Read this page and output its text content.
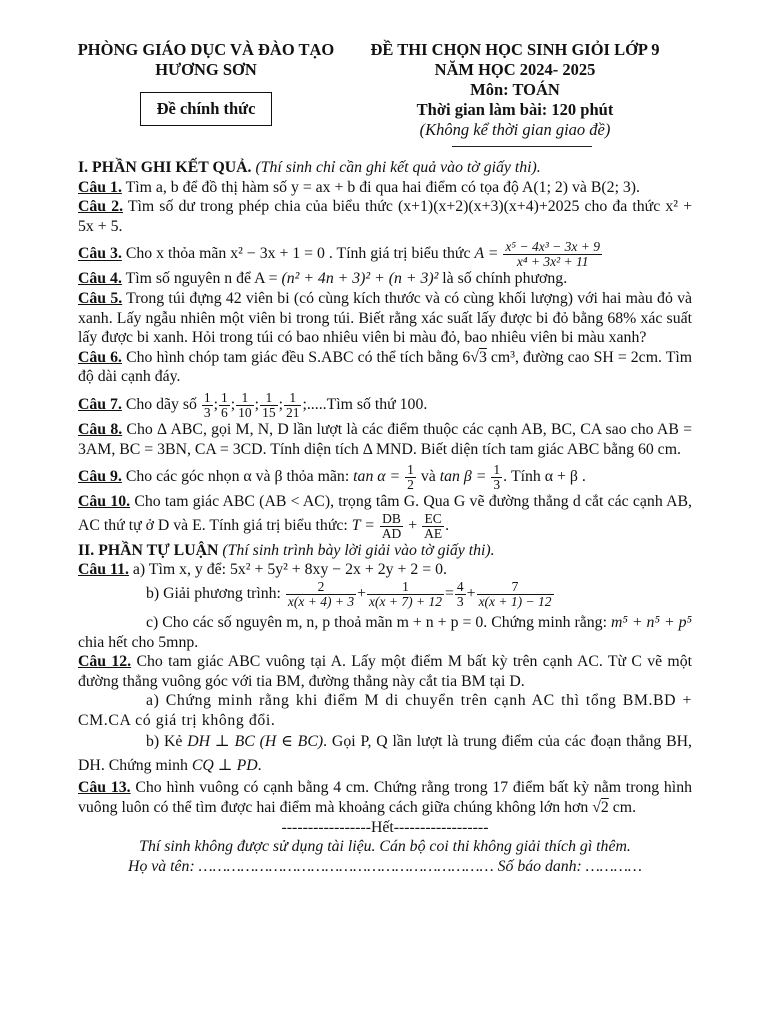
PHÒNG GIÁO DỤC VÀ ĐÀO TẠO
HƯƠNG SƠN
Đề chính thức
ĐỀ THI CHỌN HỌC SINH GIỎI LỚP 9
NĂM HỌC 2024- 2025
Môn: TOÁN
Thời gian làm bài: 120 phút
(Không kể thời gian giao đề)

I. PHẦN GHI KẾT QUẢ. (Thí sinh chỉ cần ghi kết quả vào tờ giấy thi).

Câu 1. Tìm a, b để đồ thị hàm số y = ax + b đi qua hai điểm có tọa độ A(1; 2) và B(2; 3).

Câu 2. Tìm số dư trong phép chia của biểu thức (x+1)(x+2)(x+3)(x+4)+2025 cho đa thức x² + 5x + 5.

Câu 3. Cho x thỏa mãn x² − 3x + 1 = 0 . Tính giá trị biểu thức $A = \frac{\text{x⁵ − 4x³ − 3x + 9}}{\text{x⁴ + 3x² + 11}}$

Câu 4. Tìm số nguyên n để A = (n² + 4n + 3)² + (n + 3)² là số chính phương.

Câu 5. Trong túi đựng 42 viên bi (có cùng kích thước và có cùng khối lượng) với hai màu đỏ và xanh. Lấy ngẫu nhiên một viên bi trong túi. Biết rằng xác suất lấy được bi đỏ bằng 68% xác suất lấy được bi xanh. Hỏi trong túi có bao nhiêu viên bi màu đỏ, bao nhiêu viên bi màu xanh?

Câu 6. Cho hình chóp tam giác đều S.ABC có thể tích bằng 6√3 cm³, đường cao SH = 2cm. Tìm độ dài cạnh đáy.

Câu 7. Cho dãy số $\frac{1}{3}$ ; $\frac{1}{6}$ ; $\frac{1}{10}$ ; $\frac{1}{15}$ ; $\frac{1}{21}$ ;.....Tìm số thứ 100.

Câu 8. Cho Δ ABC, gọi M, N, D lần lượt là các điểm thuộc các cạnh AB, BC, CA sao cho AB = 3AM, BC = 3BN, CA = 3CD. Tính diện tích Δ MND. Biết diện tích tam giác ABC bằng 60 cm.

Câu 9. Cho các góc nhọn α và β thỏa mãn: $\tan \alpha = \frac{1}{2}$ và $\tan \beta = \frac{1}{3}$ . Tính α + β .

Câu 10. Cho tam giác ABC (AB < AC), trọng tâm G. Qua G vẽ đường thẳng d cắt các cạnh AB, AC thứ tự ở D và E. Tính giá trị biểu thức: $T = \frac{DB}{AD} + \frac{EC}{AE}$ .

II. PHẦN TỰ LUẬN (Thí sinh trình bày lời giải vào tờ giấy thi).

Câu 11. a) Tìm x, y để: 5x² + 5y² + 8xy − 2x + 2y + 2 = 0.

b) Giải phương trình: $\frac{2}{x(x + 4) + 3} + \frac{1}{x(x + 7) + 12} = \frac{4}{3} + \frac{7}{x(x + 1) - 12}$

c) Cho các số nguyên m, n, p thoả mãn m + n + p = 0. Chứng minh rằng: m⁵ + n⁵ + p⁵ chia hết cho 5mnp.

Câu 12. Cho tam giác ABC vuông tại A. Lấy một điểm M bất kỳ trên cạnh AC. Từ C vẽ một đường thẳng vuông góc với tia BM, đường thẳng này cắt tia BM tại D.

a) Chứng minh rằng khi điểm M di chuyển trên cạnh AC thì tổng BM.BD + CM.CA có giá trị không đổi.

b) Kẻ DH ⊥ BC (H ∈ BC). Gọi P, Q lần lượt là trung điểm của các đoạn thẳng BH, DH. Chứng minh CQ ⊥ PD.

Câu 13. Cho hình vuông có cạnh bằng 4 cm. Chứng rằng trong 17 điểm bất kỳ nằm trong hình vuông luôn có thể tìm được hai điểm mà khoảng cách giữa chúng không lớn hơn √2 cm.

-----------------Hết------------------

Thí sinh không được sử dụng tài liệu. Cán bộ coi thi không giải thích gì thêm.

Họ và tên: ……………………………………………………… Số báo danh: …………
